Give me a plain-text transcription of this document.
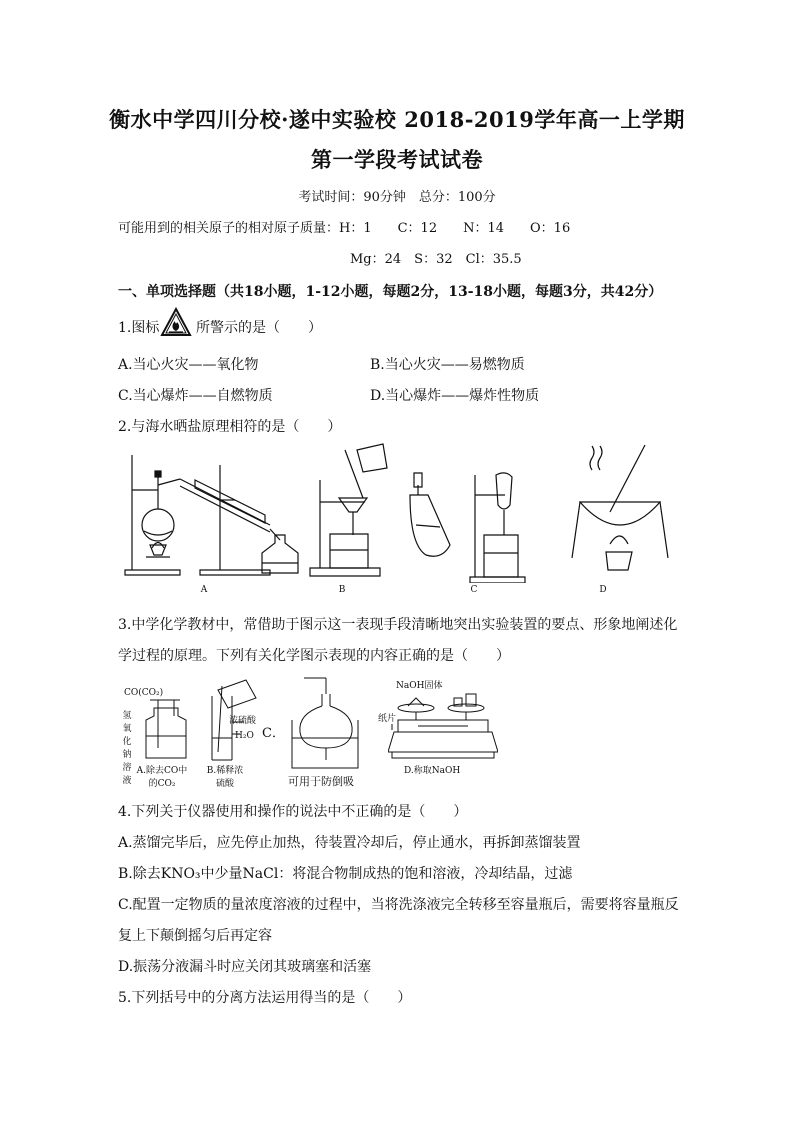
衡水中学四川分校·遂中实验校 2018-2019学年高一上学期
第一学段考试试卷
考试时间：90分钟　总分：100分
可能用到的相关原子的相对原子质量：H：1　　C：12　　N：14　　O：16
Mg：24　S：32　Cl：35.5
一、单项选择题（共18小题，1-12小题，每题2分，13-18小题，每题3分，共42分）
1.图标	所警示的是（　　）
A.当心火灾——氧化物	B.当心火灾——易燃物质
C.当心爆炸——自燃物质	D.当心爆炸——爆炸性物质
2.与海水晒盐原理相符的是（　　）
A	B	C	D
3.中学化学教材中，常借助于图示这一表现手段清晰地突出实验装置的要点、形象地阐述化
学过程的原理。下列有关化学图示表现的内容正确的是（　　）
CO(CO₂)
氢
氧
化
钠
溶
液
A.除去CO中
的CO₂
浓硫酸
H₂O
B.稀释浓
硫酸
C．
可用于防倒吸
NaOH固体
纸片
D.称取NaOH
4.下列关于仪器使用和操作的说法中不正确的是（　　）
A.蒸馏完毕后，应先停止加热，待装置冷却后，停止通水，再拆卸蒸馏装置
B.除去KNO₃中少量NaCl：将混合物制成热的饱和溶液，冷却结晶，过滤
C.配置一定物质的量浓度溶液的过程中，当将洗涤液完全转移至容量瓶后，需要将容量瓶反
复上下颠倒摇匀后再定容
D.振荡分液漏斗时应关闭其玻璃塞和活塞
5.下列括号中的分离方法运用得当的是（　　）
